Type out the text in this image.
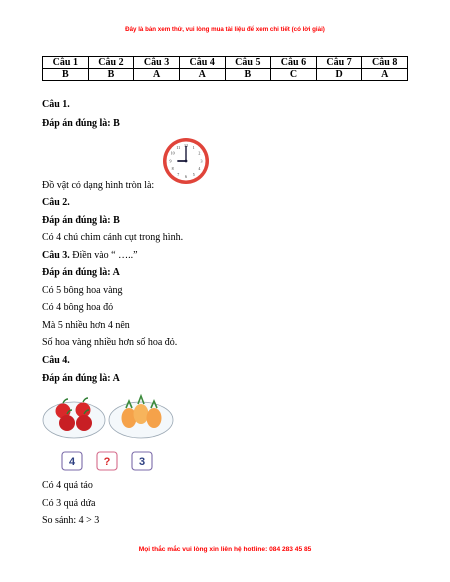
Đây là bản xem thử, vui lòng mua tài liệu để xem chi tiết (có lời giải)
Câu 1	Câu 2	Câu 3	Câu 4	Câu 5	Câu 6	Câu 7	Câu 8
B	B	A	A	B	C	D	A
Câu 1.
Đáp án đúng là: B
12 1
2
3
4
5
6
7
8
9
10
11
Đồ vật có dạng hình tròn là:
Câu 2.
Đáp án đúng là: B
Có 4 chú chim cánh cụt trong hình.
Câu 3. Điền vào “ …..”
Đáp án đúng là: A
Có 5 bông hoa vàng
Có 4 bông hoa đỏ
Mà 5 nhiều hơn 4 nên
Số hoa vàng nhiều hơn số hoa đỏ.
Câu 4.
Đáp án đúng là: A
4	?	3
Có 4 quả táo
Có 3 quả dứa
So sánh: 4 > 3
Mọi thắc mắc vui lòng xin liên hệ hotline: 084 283 45 85
